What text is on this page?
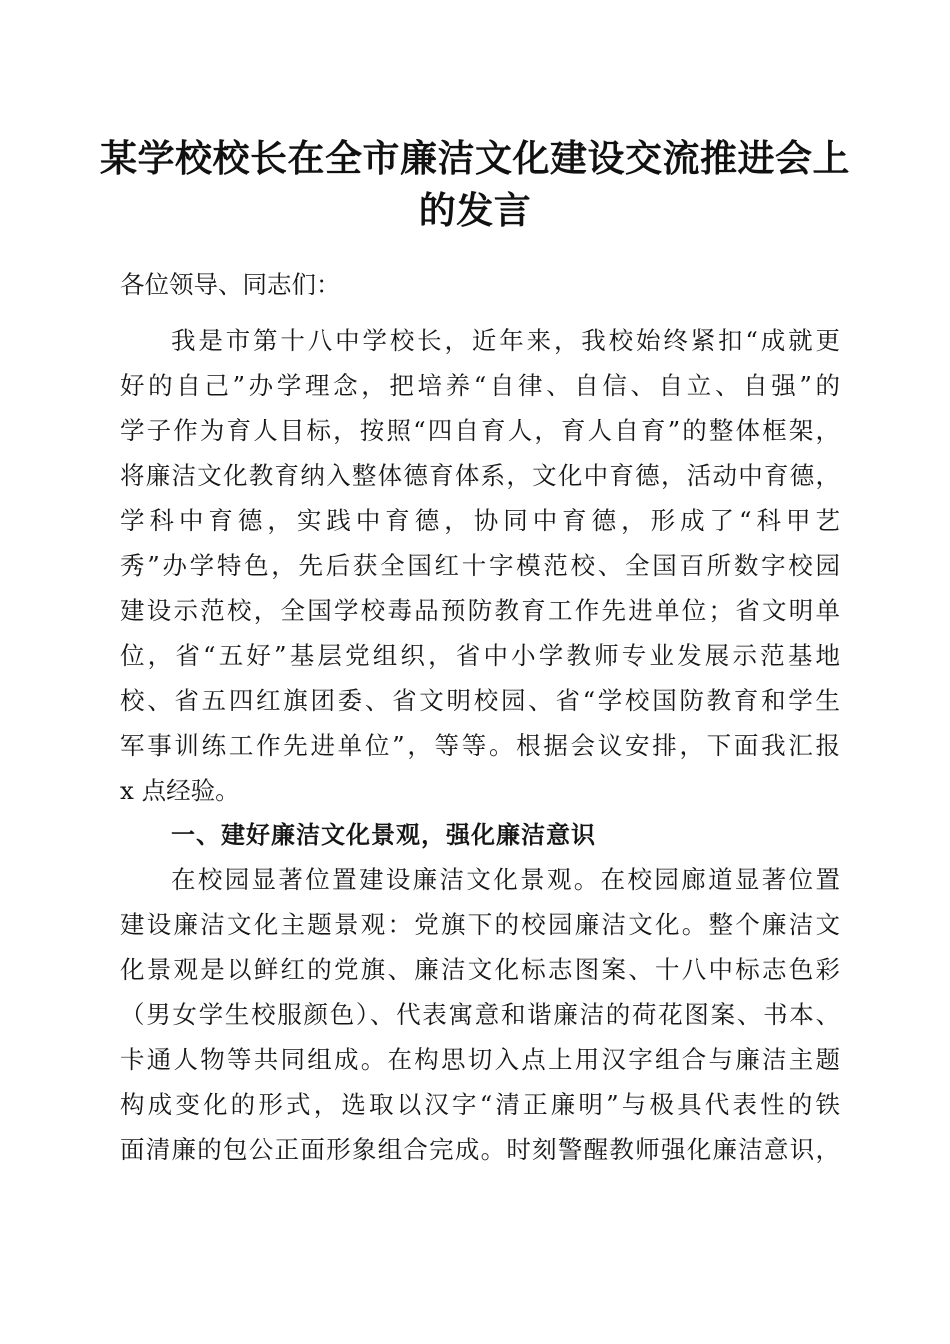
某学校校长在全市廉洁文化建设交流推进会上
的发言
各位领导、同志们：
我是市第十八中学校长，近年来，我校始终紧扣“成就更
好的自己”办学理念，把培养“自律、自信、自立、自强”的
学子作为育人目标，按照“四自育人，育人自育”的整体框架，
将廉洁文化教育纳入整体德育体系，文化中育德，活动中育德，
学科中育德，实践中育德，协同中育德，形成了“科甲艺
秀”办学特色，先后获全国红十字模范校、全国百所数字校园
建设示范校，全国学校毒品预防教育工作先进单位；省文明单
位，省“五好”基层党组织，省中小学教师专业发展示范基地
校、省五四红旗团委、省文明校园、省“学校国防教育和学生
军事训练工作先进单位”，等等。根据会议安排，下面我汇报
x 点经验。
一、建好廉洁文化景观，强化廉洁意识
在校园显著位置建设廉洁文化景观。在校园廊道显著位置
建设廉洁文化主题景观：党旗下的校园廉洁文化。整个廉洁文
化景观是以鲜红的党旗、廉洁文化标志图案、十八中标志色彩
（男女学生校服颜色）、代表寓意和谐廉洁的荷花图案、书本、
卡通人物等共同组成。在构思切入点上用汉字组合与廉洁主题
构成变化的形式，选取以汉字“清正廉明”与极具代表性的铁
面清廉的包公正面形象组合完成。时刻警醒教师强化廉洁意识，
